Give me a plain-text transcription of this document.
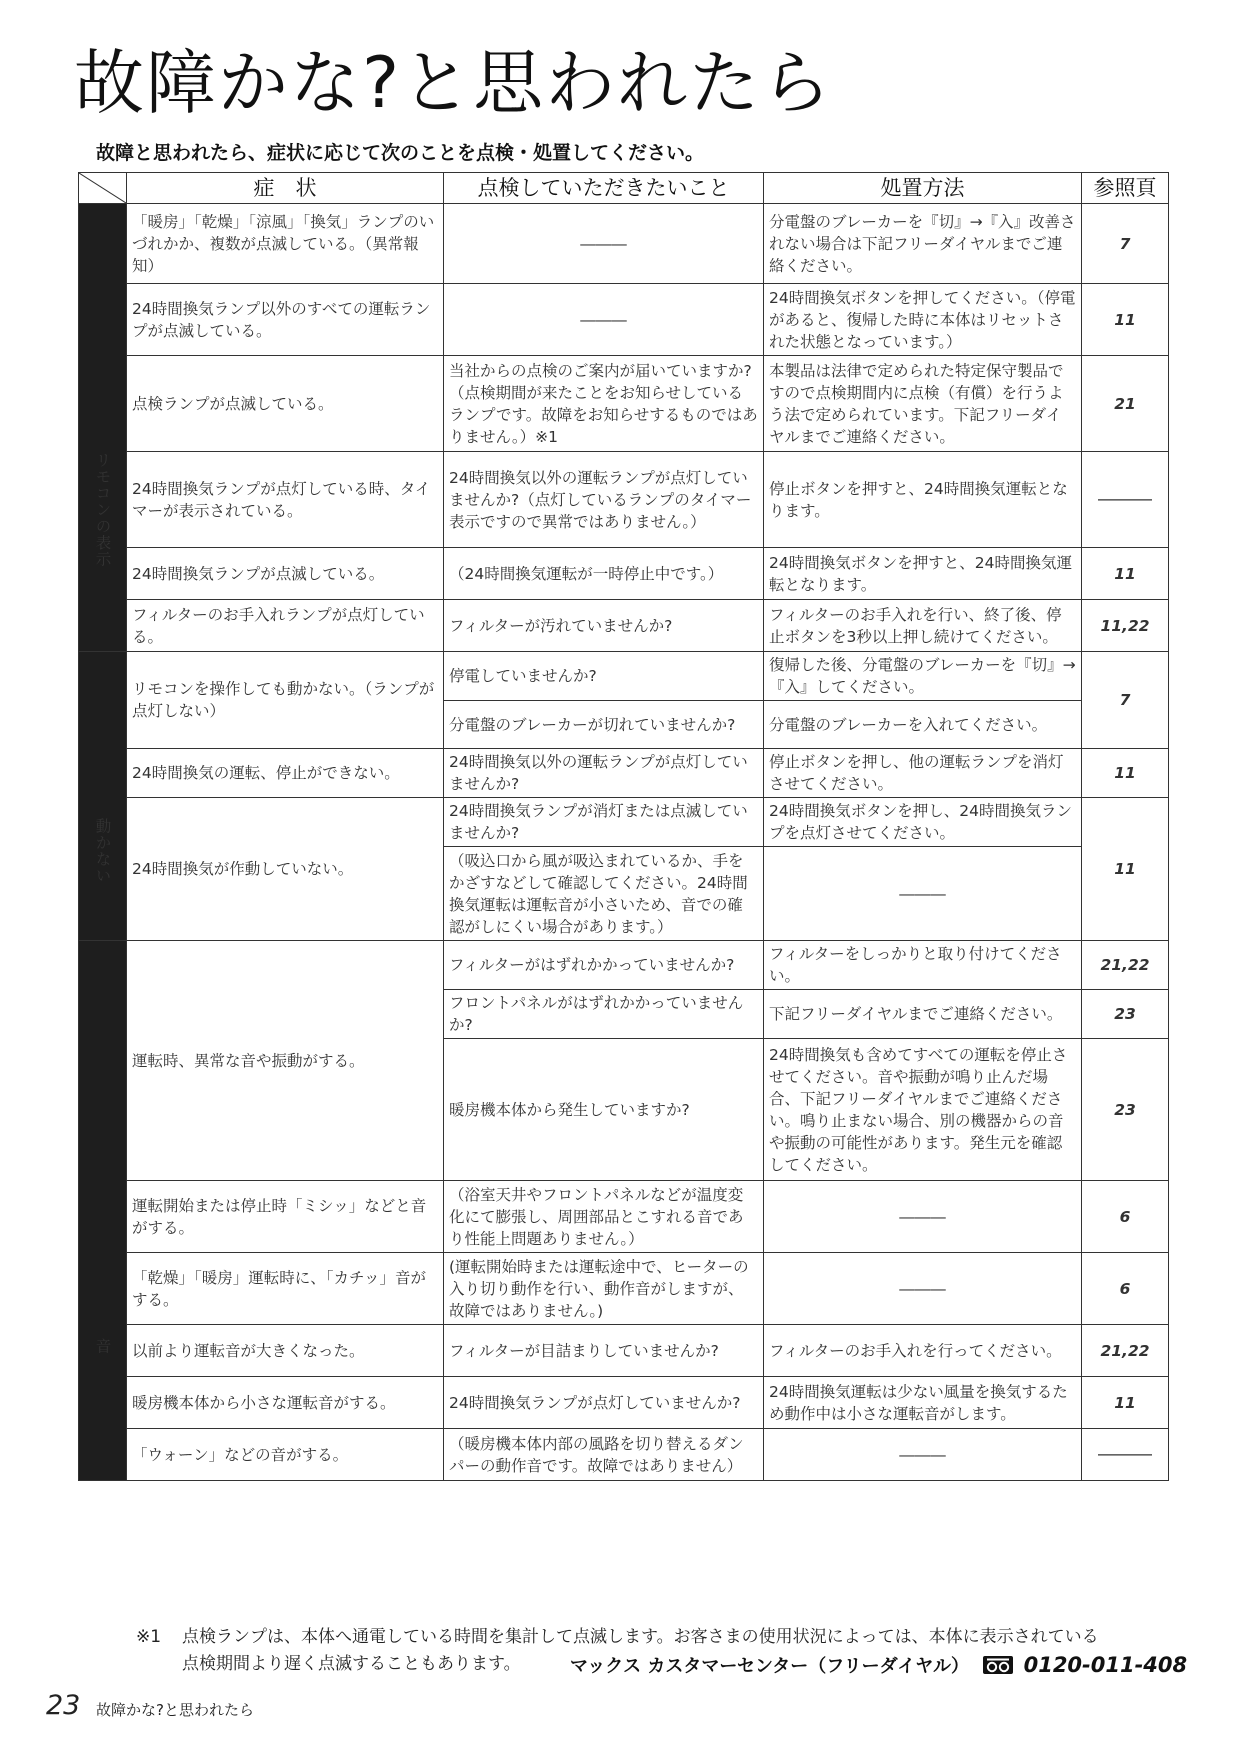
故障かな?と思われたら
故障と思われたら、症状に応じて次のことを点検・処置してください。
	症　状	点検していただきたいこと	処置方法	参照頁
リモコンの表示	「暖房」「乾燥」「涼風」「換気」ランプのいづれかか、複数が点滅している。（異常報知）	―――	分電盤のブレーカーを『切』→『入』改善されない場合は下記フリーダイヤルまでご連絡ください。	7
	24時間換気ランプ以外のすべての運転ランプが点滅している。	―――	24時間換気ボタンを押してください。（停電があると、復帰した時に本体はリセットされた状態となっています。）	11
	点検ランプが点滅している。	当社からの点検のご案内が届いていますか?（点検期間が来たことをお知らせしているランプです。故障をお知らせするものではありません。）※1	本製品は法律で定められた特定保守製品ですので点検期間内に点検（有償）を行うよう法で定められています。下記フリーダイヤルまでご連絡ください。	21
	24時間換気ランプが点灯している時、タイマーが表示されている。	24時間換気以外の運転ランプが点灯していませんか?（点灯しているランプのタイマー表示ですので異常ではありません。）	停止ボタンを押すと、24時間換気運転となります。	―――
	24時間換気ランプが点滅している。	（24時間換気運転が一時停止中です。）	24時間換気ボタンを押すと、24時間換気運転となります。	11
	フィルターのお手入れランプが点灯している。	フィルターが汚れていませんか?	フィルターのお手入れを行い、終了後、停止ボタンを3秒以上押し続けてください。	11,22
動かない	リモコンを操作しても動かない。（ランプが点灯しない）	停電していませんか?	復帰した後、分電盤のブレーカーを『切』→『入』してください。	7
		分電盤のブレーカーが切れていませんか?	分電盤のブレーカーを入れてください。	
	24時間換気の運転、停止ができない。	24時間換気以外の運転ランプが点灯していませんか?	停止ボタンを押し、他の運転ランプを消灯させてください。	11
	24時間換気が作動していない。	24時間換気ランプが消灯または点滅していませんか?	24時間換気ボタンを押し、24時間換気ランプを点灯させてください。	11
		（吸込口から風が吸込まれているか、手をかざすなどして確認してください。24時間換気運転は運転音が小さいため、音での確認がしにくい場合があります。）	―――	
音	運転時、異常な音や振動がする。	フィルターがはずれかかっていませんか?	フィルターをしっかりと取り付けてください。	21,22
		フロントパネルがはずれかかっていませんか?	下記フリーダイヤルまでご連絡ください。	23
		暖房機本体から発生していますか?	24時間換気も含めてすべての運転を停止させてください。音や振動が鳴り止んだ場合、下記フリーダイヤルまでご連絡ください。鳴り止まない場合、別の機器からの音や振動の可能性があります。発生元を確認してください。	23
	運転開始または停止時「ミシッ」などと音がする。	（浴室天井やフロントパネルなどが温度変化にて膨張し、周囲部品とこすれる音であり性能上問題ありません。）	―――	6
	「乾燥」「暖房」運転時に、「カチッ」音がする。	(運転開始時または運転途中で、ヒーターの入り切り動作を行い、動作音がしますが、故障ではありません。)	―――	6
	以前より運転音が大きくなった。	フィルターが目詰まりしていませんか?	フィルターのお手入れを行ってください。	21,22
	暖房機本体から小さな運転音がする。	24時間換気ランプが点灯していませんか?	24時間換気運転は少ない風量を換気するため動作中は小さな運転音がします。	11
	「ウォーン」などの音がする。	（暖房機本体内部の風路を切り替えるダンパーの動作音です。故障ではありません）	―――	―――
※1 点検ランプは、本体へ通電している時間を集計して点滅します。お客さまの使用状況によっては、本体に表示されている
点検期間より遅く点滅することもあります。	マックス カスタマーセンター（フリーダイヤル）	0120-011-408
23 故障かな?と思われたら
